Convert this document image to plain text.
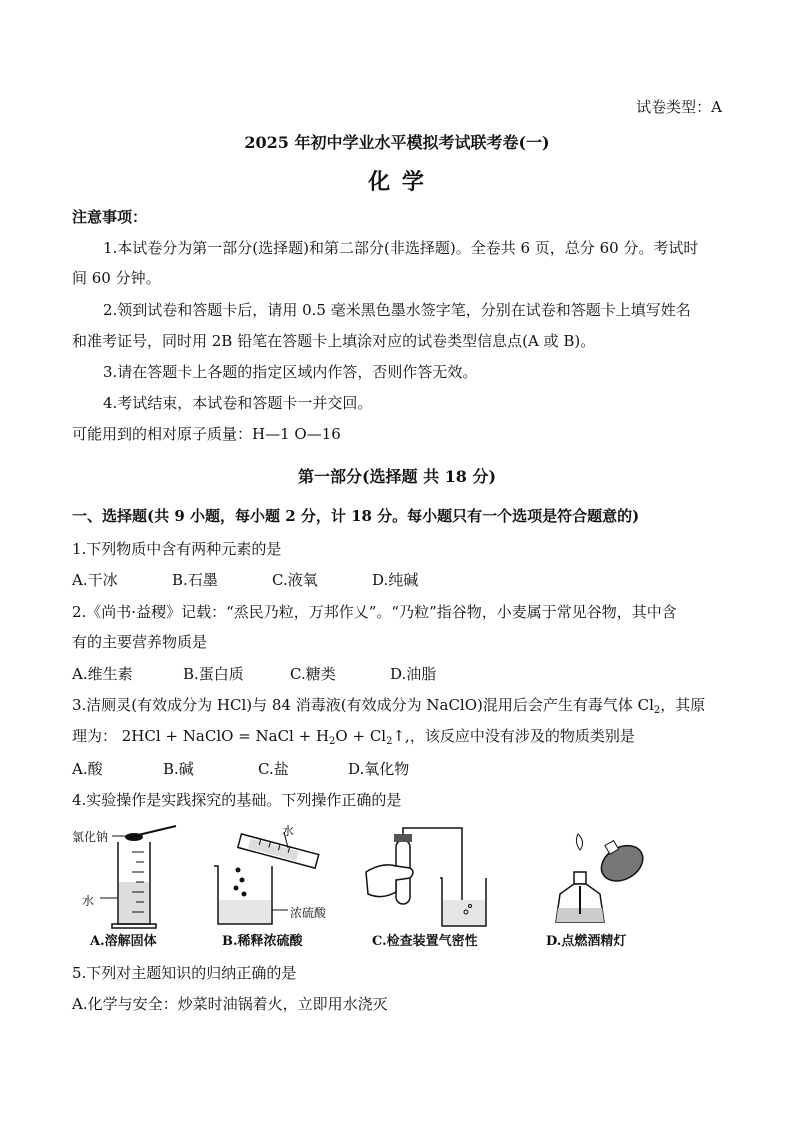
试卷类型：A
2025 年初中学业水平模拟考试联考卷(一)
化 学
注意事项：
1.本试卷分为第一部分(选择题)和第二部分(非选择题)。全卷共 6 页，总分 60 分。考试时
间 60 分钟。
2.领到试卷和答题卡后，请用 0.5 毫米黑色墨水签字笔，分别在试卷和答题卡上填写姓名
和准考证号，同时用 2B 铅笔在答题卡上填涂对应的试卷类型信息点(A 或 B)。
3.请在答题卡上各题的指定区域内作答，否则作答无效。
4.考试结束，本试卷和答题卡一并交回。
可能用到的相对原子质量：H—1 O—16
第一部分(选择题 共 18 分)
一、选择题(共 9 小题，每小题 2 分，计 18 分。每小题只有一个选项是符合题意的)
1.下列物质中含有两种元素的是
A.干冰	B.石墨	C.液氧	D.纯碱
2.《尚书·益稷》记载：“烝民乃粒，万邦作乂”。“乃粒”指谷物，小麦属于常见谷物，其中含
有的主要营养物质是
A.维生素	B.蛋白质	C.糖类	D.油脂
3.洁厕灵(有效成分为 HCl)与 84 消毒液(有效成分为 NaClO)混用后会产生有毒气体 $Cl_2$，其原
理为： 2HCl + NaClO = NaCl + $H_2O$ + $Cl_2↑$,，该反应中没有涉及的物质类别是
A.酸	B.碱	C.盐	D.氧化物
4.实验操作是实践探究的基础。下列操作正确的是
氯化钠
水
A.溶解固体
水
浓硫酸
B.稀释浓硫酸	C.检查装置气密性	D.点燃酒精灯
5.下列对主题知识的归纳正确的是
A.化学与安全：炒菜时油锅着火，立即用水浇灭
